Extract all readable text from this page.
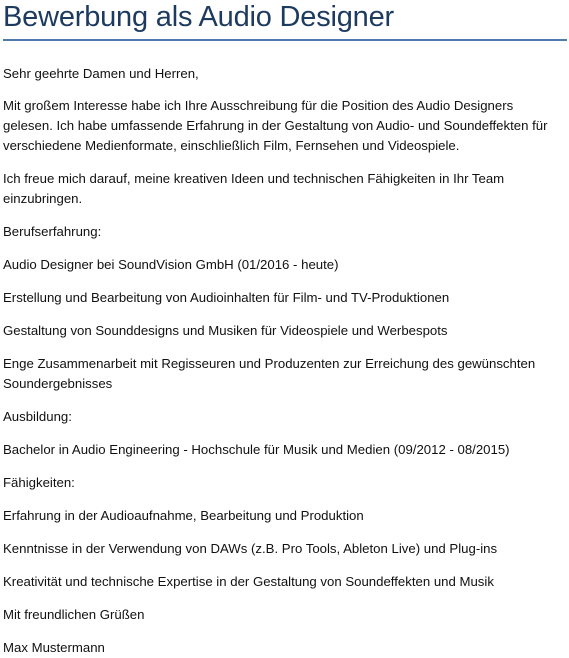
Bewerbung als Audio Designer

Sehr geehrte Damen und Herren,

Mit großem Interesse habe ich Ihre Ausschreibung für die Position des Audio Designers gelesen. Ich habe umfassende Erfahrung in der Gestaltung von Audio- und Soundeffekten für verschiedene Medienformate, einschließlich Film, Fernsehen und Videospiele.

Ich freue mich darauf, meine kreativen Ideen und technischen Fähigkeiten in Ihr Team einzubringen.

Berufserfahrung:

Audio Designer bei SoundVision GmbH (01/2016 - heute)

Erstellung und Bearbeitung von Audioinhalten für Film- und TV-Produktionen

Gestaltung von Sounddesigns und Musiken für Videospiele und Werbespots

Enge Zusammenarbeit mit Regisseuren und Produzenten zur Erreichung des gewünschten Soundergebnisses

Ausbildung:

Bachelor in Audio Engineering - Hochschule für Musik und Medien (09/2012 - 08/2015)

Fähigkeiten:

Erfahrung in der Audioaufnahme, Bearbeitung und Produktion

Kenntnisse in der Verwendung von DAWs (z.B. Pro Tools, Ableton Live) und Plug-ins

Kreativität und technische Expertise in der Gestaltung von Soundeffekten und Musik

Mit freundlichen Grüßen

Max Mustermann
